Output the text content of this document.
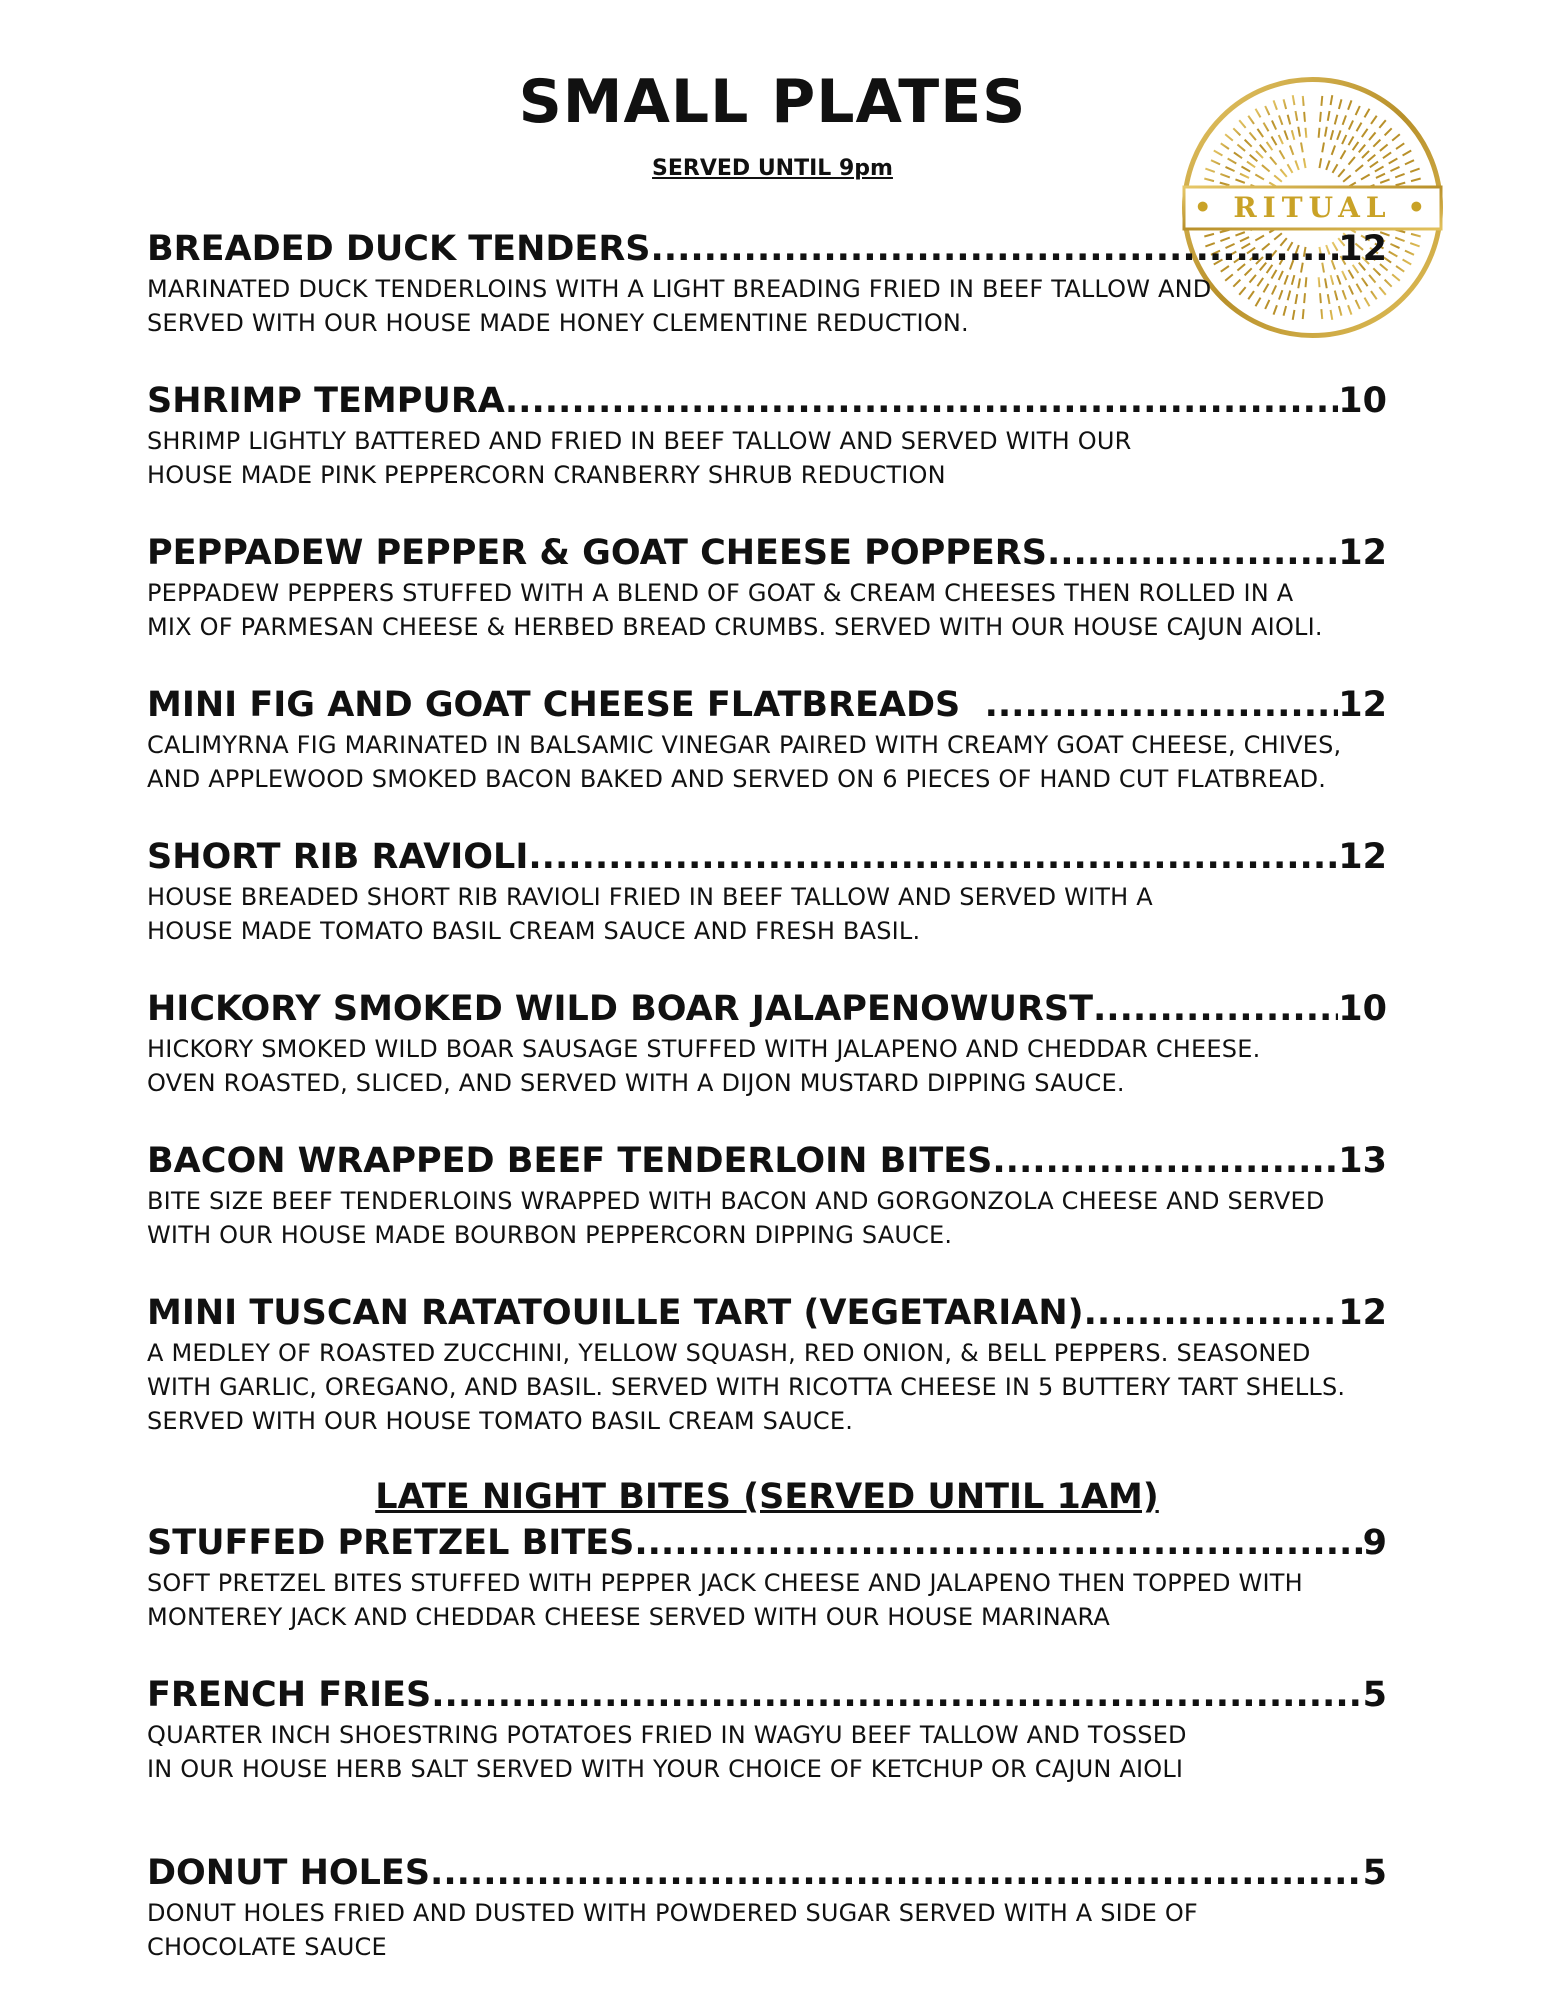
SMALL PLATES
SERVED UNTIL 9pm
• RITUAL •
BREADED DUCK TENDERS .....	12
MARINATED DUCK TENDERLOINS WITH A LIGHT BREADING FRIED IN BEEF TALLOW AND
SERVED WITH OUR HOUSE MADE HONEY CLEMENTINE REDUCTION.
SHRIMP TEMPURA .....	10
SHRIMP LIGHTLY BATTERED AND FRIED IN BEEF TALLOW AND SERVED WITH OUR
HOUSE MADE PINK PEPPERCORN CRANBERRY SHRUB REDUCTION
PEPPADEW PEPPER & GOAT CHEESE POPPERS .....	12
PEPPADEW PEPPERS STUFFED WITH A BLEND OF GOAT & CREAM CHEESES THEN ROLLED IN A
MIX OF PARMESAN CHEESE & HERBED BREAD CRUMBS. SERVED WITH OUR HOUSE CAJUN AIOLI.
MINI FIG AND GOAT CHEESE FLATBREADS .....	12
CALIMYRNA FIG MARINATED IN BALSAMIC VINEGAR PAIRED WITH CREAMY GOAT CHEESE, CHIVES,
AND APPLEWOOD SMOKED BACON BAKED AND SERVED ON 6 PIECES OF HAND CUT FLATBREAD.
SHORT RIB RAVIOLI .....	12
HOUSE BREADED SHORT RIB RAVIOLI FRIED IN BEEF TALLOW AND SERVED WITH A
HOUSE MADE TOMATO BASIL CREAM SAUCE AND FRESH BASIL.
HICKORY SMOKED WILD BOAR JALAPENOWURST .....	10
HICKORY SMOKED WILD BOAR SAUSAGE STUFFED WITH JALAPENO AND CHEDDAR CHEESE.
OVEN ROASTED, SLICED, AND SERVED WITH A DIJON MUSTARD DIPPING SAUCE.
BACON WRAPPED BEEF TENDERLOIN BITES .....	13
BITE SIZE BEEF TENDERLOINS WRAPPED WITH BACON AND GORGONZOLA CHEESE AND SERVED
WITH OUR HOUSE MADE BOURBON PEPPERCORN DIPPING SAUCE.
MINI TUSCAN RATATOUILLE TART (VEGETARIAN) .....	12
A MEDLEY OF ROASTED ZUCCHINI, YELLOW SQUASH, RED ONION, & BELL PEPPERS. SEASONED
WITH GARLIC, OREGANO, AND BASIL. SERVED WITH RICOTTA CHEESE IN 5 BUTTERY TART SHELLS.
SERVED WITH OUR HOUSE TOMATO BASIL CREAM SAUCE.
LATE NIGHT BITES (SERVED UNTIL 1AM)
STUFFED PRETZEL BITES .....	9
SOFT PRETZEL BITES STUFFED WITH PEPPER JACK CHEESE AND JALAPENO THEN TOPPED WITH
MONTEREY JACK AND CHEDDAR CHEESE SERVED WITH OUR HOUSE MARINARA
FRENCH FRIES .....	5
QUARTER INCH SHOESTRING POTATOES FRIED IN WAGYU BEEF TALLOW AND TOSSED
IN OUR HOUSE HERB SALT SERVED WITH YOUR CHOICE OF KETCHUP OR CAJUN AIOLI
DONUT HOLES .....	5
DONUT HOLES FRIED AND DUSTED WITH POWDERED SUGAR SERVED WITH A SIDE OF
CHOCOLATE SAUCE
